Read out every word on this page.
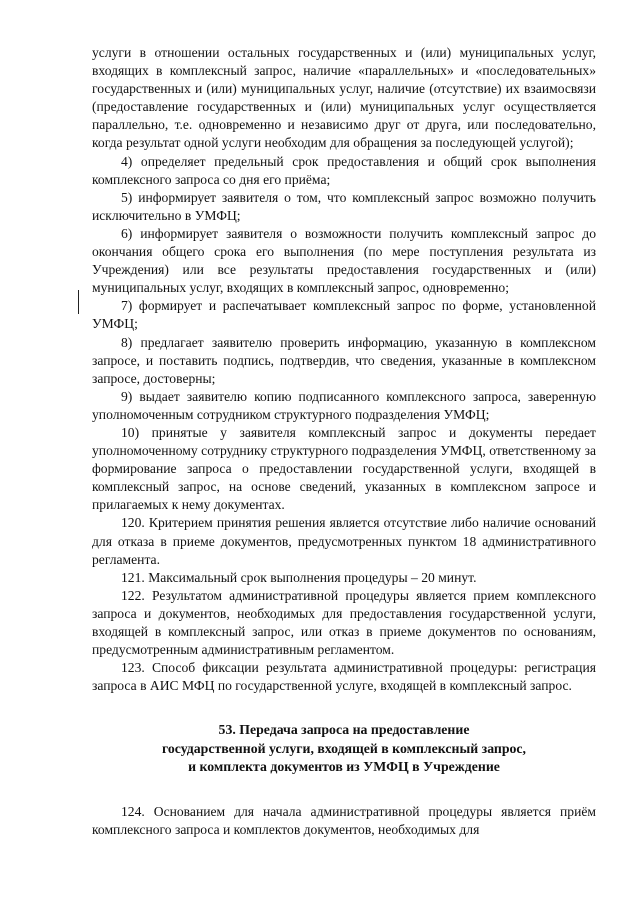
услуги в отношении остальных государственных и (или) муниципальных услуг, входящих в комплексный запрос, наличие «параллельных» и «последовательных» государственных и (или) муниципальных услуг, наличие (отсутствие) их взаимосвязи (предоставление государственных и (или) муниципальных услуг осуществляется параллельно, т.е. одновременно и независимо друг от друга, или последовательно, когда результат одной услуги необходим для обращения за последующей услугой);

4) определяет предельный срок предоставления и общий срок выполнения комплексного запроса со дня его приёма;

5) информирует заявителя о том, что комплексный запрос возможно получить исключительно в УМФЦ;

6) информирует заявителя о возможности получить комплексный запрос до окончания общего срока его выполнения (по мере поступления результата из Учреждения) или все результаты предоставления государственных и (или) муниципальных услуг, входящих в комплексный запрос, одновременно;

7) формирует и распечатывает комплексный запрос по форме, установленной УМФЦ;

8) предлагает заявителю проверить информацию, указанную в комплексном запросе, и поставить подпись, подтвердив, что сведения, указанные в комплексном запросе, достоверны;

9) выдает заявителю копию подписанного комплексного запроса, заверенную уполномоченным сотрудником структурного подразделения УМФЦ;

10) принятые у заявителя комплексный запрос и документы передает уполномоченному сотруднику структурного подразделения УМФЦ, ответственному за формирование запроса о предоставлении государственной услуги, входящей в комплексный запрос, на основе сведений, указанных в комплексном запросе и прилагаемых к нему документах.

120. Критерием принятия решения является отсутствие либо наличие оснований для отказа в приеме документов, предусмотренных пунктом 18 административного регламента.

121. Максимальный срок выполнения процедуры – 20 минут.

122. Результатом административной процедуры является прием комплексного запроса и документов, необходимых для предоставления государственной услуги, входящей в комплексный запрос, или отказ в приеме документов по основаниям, предусмотренным административным регламентом.

123. Способ фиксации результата административной процедуры: регистрация запроса в АИС МФЦ по государственной услуге, входящей в комплексный запрос.

53. Передача запроса на предоставление
государственной услуги, входящей в комплексный запрос,
и комплекта документов из УМФЦ в Учреждение

124. Основанием для начала административной процедуры является приём комплексного запроса и комплектов документов, необходимых для
